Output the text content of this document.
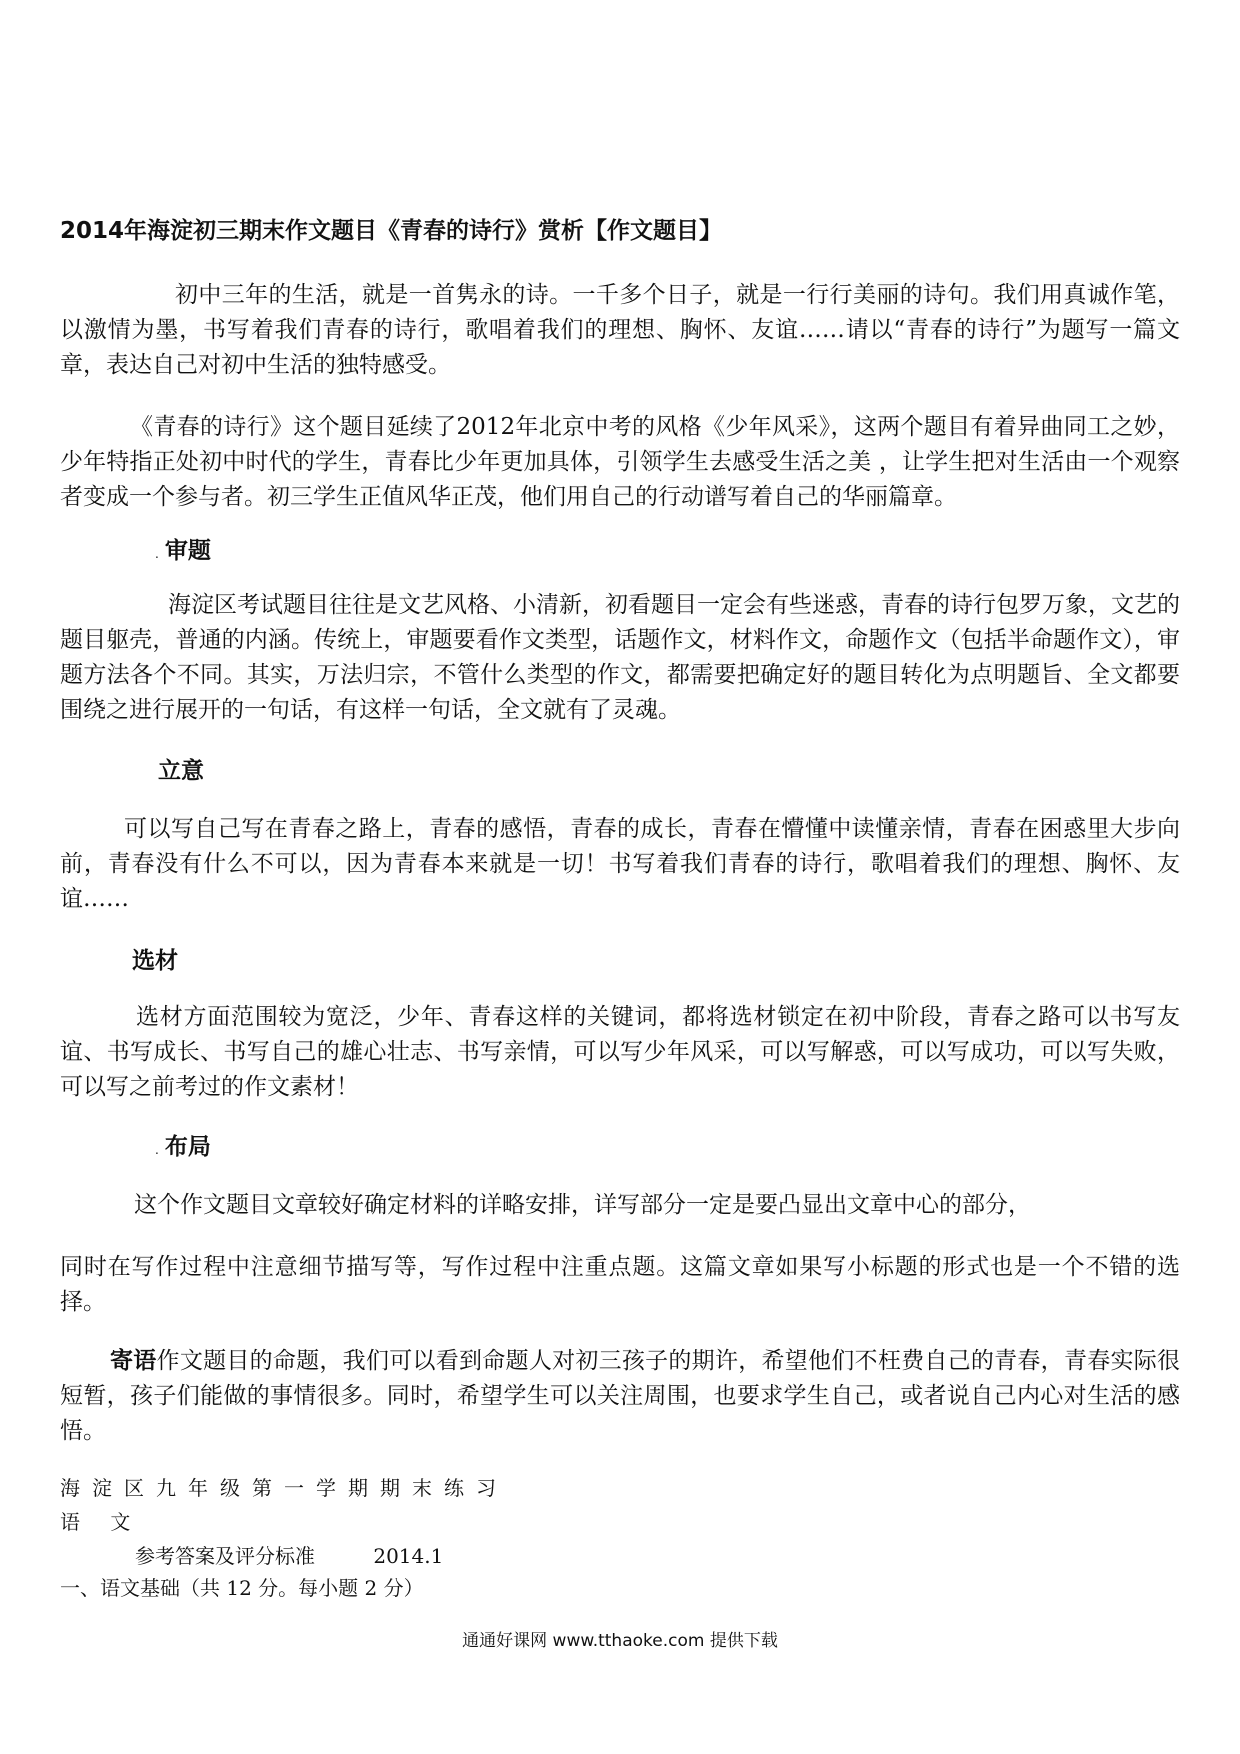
2014年海淀初三期末作文题目《青春的诗行》赏析【作文题目】

初中三年的生活，就是一首隽永的诗。一千多个日子，就是一行行美丽的诗句。我们用真诚作笔，以激情为墨，书写着我们青春的诗行，歌唱着我们的理想、胸怀、友谊……请以“青春的诗行”为题写一篇文章，表达自己对初中生活的独特感受。

《青春的诗行》这个题目延续了2012年北京中考的风格《少年风采》，这两个题目有着异曲同工之妙，少年特指正处初中时代的学生，青春比少年更加具体，引领学生去感受生活之美 ，让学生把对生活由一个观察者变成一个参与者。初三学生正值风华正茂，他们用自己的行动谱写着自己的华丽篇章。

. 审题

海淀区考试题目往往是文艺风格、小清新，初看题目一定会有些迷惑，青春的诗行包罗万象，文艺的题目躯壳，普通的内涵。传统上，审题要看作文类型，话题作文，材料作文，命题作文（包括半命题作文），审题方法各个不同。其实，万法归宗，不管什么类型的作文，都需要把确定好的题目转化为点明题旨、全文都要围绕之进行展开的一句话，有这样一句话，全文就有了灵魂。

立意

可以写自己写在青春之路上，青春的感悟，青春的成长，青春在懵懂中读懂亲情，青春在困惑里大步向前，青春没有什么不可以，因为青春本来就是一切！书写着我们青春的诗行，歌唱着我们的理想、胸怀、友谊……

选材

选材方面范围较为宽泛，少年、青春这样的关键词，都将选材锁定在初中阶段，青春之路可以书写友谊、书写成长、书写自己的雄心壮志、书写亲情，可以写少年风采，可以写解惑，可以写成功，可以写失败，可以写之前考过的作文素材！

. 布局

这个作文题目文章较好确定材料的详略安排，详写部分一定是要凸显出文章中心的部分，

同时在写作过程中注意细节描写等，写作过程中注重点题。这篇文章如果写小标题的形式也是一个不错的选择。

寄语作文题目的命题，我们可以看到命题人对初三孩子的期许，希望他们不枉费自己的青春，青春实际很短暂，孩子们能做的事情很多。同时，希望学生可以关注周围，也要求学生自己，或者说自己内心对生活的感悟。

海淀区九年级第一学期期末练习
语 文
参考答案及评分标准	2014.1
一、语文基础（共 12 分。每小题 2 分）
通通好课网 www.tthaoke.com 提供下载
